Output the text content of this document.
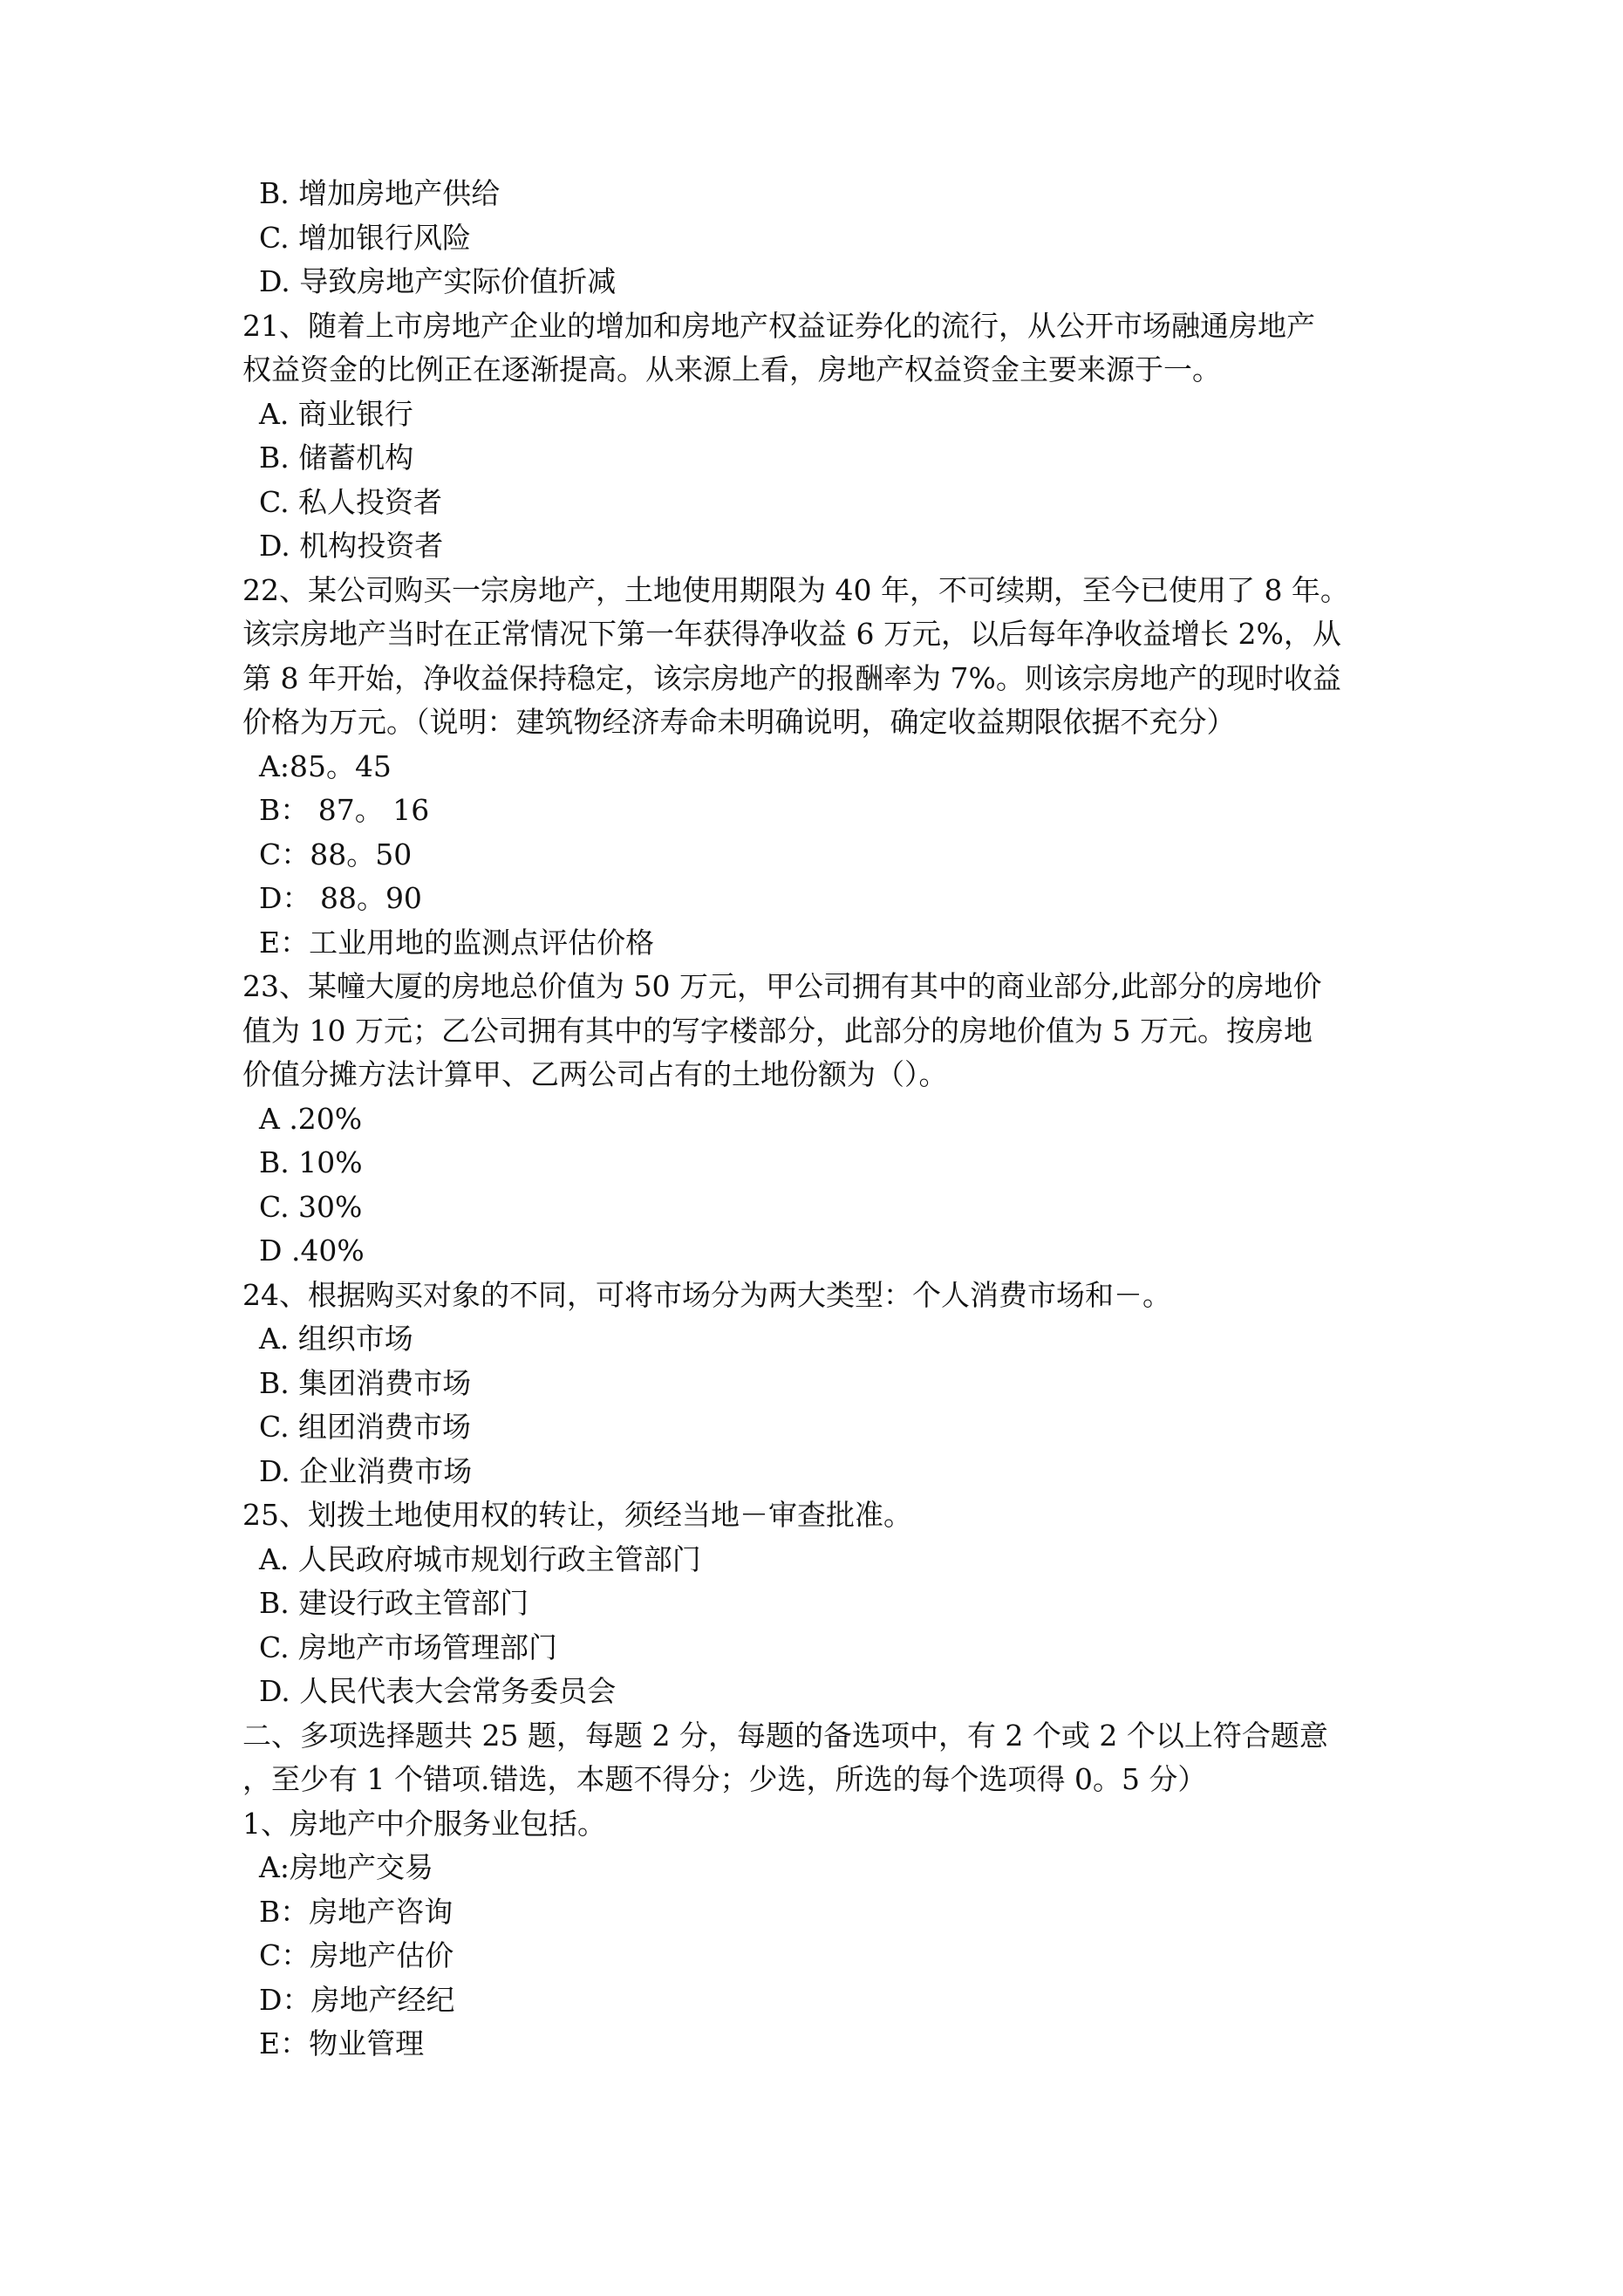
B. 增加房地产供给
C. 增加银行风险
D. 导致房地产实际价值折减
21、随着上市房地产企业的增加和房地产权益证券化的流行，从公开市场融通房地产
权益资金的比例正在逐渐提高。从来源上看，房地产权益资金主要来源于一。
A. 商业银行
B. 储蓄机构
C. 私人投资者
D. 机构投资者
22、某公司购买一宗房地产，土地使用期限为 40 年，不可续期，至今已使用了 8 年。
该宗房地产当时在正常情况下第一年获得净收益 6 万元，以后每年净收益增长 2%，从
第 8 年开始，净收益保持稳定，该宗房地产的报酬率为 7%。则该宗房地产的现时收益
价格为万元。（说明：建筑物经济寿命未明确说明，确定收益期限依据不充分）
A:85。45
B： 87。 16
C：88。50
D： 88。90
E：工业用地的监测点评估价格
23、某幢大厦的房地总价值为 50 万元，甲公司拥有其中的商业部分,此部分的房地价
值为 10 万元；乙公司拥有其中的写字楼部分，此部分的房地价值为 5 万元。按房地
价值分摊方法计算甲、乙两公司占有的土地份额为（）。
A .20%
B. 10%
C. 30%
D .40%
24、根据购买对象的不同，可将市场分为两大类型：个人消费市场和－。
A. 组织市场
B. 集团消费市场
C. 组团消费市场
D. 企业消费市场
25、划拨土地使用权的转让，须经当地－审查批准。
A. 人民政府城市规划行政主管部门
B. 建设行政主管部门
C. 房地产市场管理部门
D. 人民代表大会常务委员会
二、多项选择题共 25 题，每题 2 分，每题的备选项中，有 2 个或 2 个以上符合题意
，至少有 1 个错项.错选，本题不得分；少选，所选的每个选项得 0。5 分）
1、房地产中介服务业包括。
A:房地产交易
B：房地产咨询
C：房地产估价
D：房地产经纪
E：物业管理
